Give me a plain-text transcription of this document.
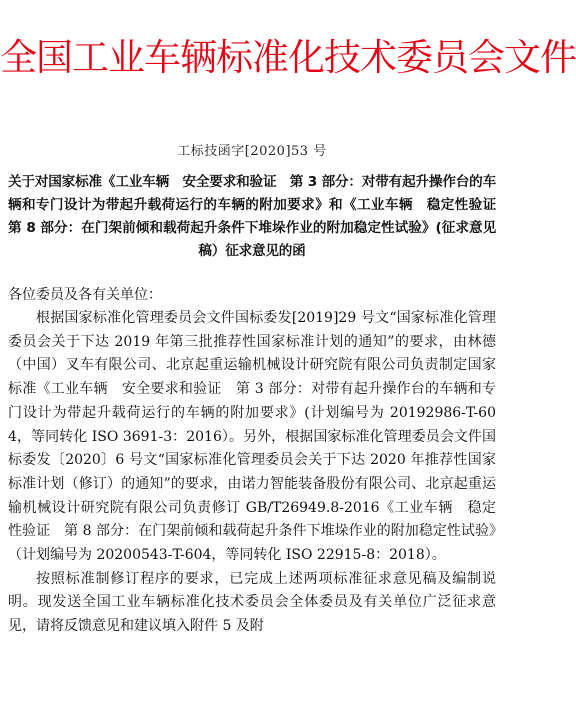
全国工业车辆标准化技术委员会文件
工标技函字[2020]53 号
关于对国家标准《工业车辆　安全要求和验证　第 3 部分：对带有起升操作台的车辆和专门设计为带起升载荷运行的车辆的附加要求》和《工业车辆　稳定性验证　第 8 部分：在门架前倾和载荷起升条件下堆垛作业的附加稳定性试验》(征求意见稿）征求意见的函
各位委员及各有关单位：

根据国家标准化管理委员会文件国标委发[2019]29 号文“国家标准化管理委员会关于下达 2019 年第三批推荐性国家标准计划的通知”的要求，由林德（中国）叉车有限公司、北京起重运输机械设计研究院有限公司负责制定国家标准《工业车辆　安全要求和验证　第 3 部分：对带有起升操作台的车辆和专门设计为带起升载荷运行的车辆的附加要求》(计划编号为 20192986-T-604，等同转化 ISO 3691-3：2016）。另外，根据国家标准化管理委员会文件国标委发〔2020〕6 号文“国家标准化管理委员会关于下达 2020 年推荐性国家标准计划（修订）的通知”的要求，由诺力智能装备股份有限公司、北京起重运输机械设计研究院有限公司负责修订 GB/T26949.8-2016《工业车辆　稳定性验证　第 8 部分：在门架前倾和载荷起升条件下堆垛作业的附加稳定性试验》（计划编号为 20200543-T-604，等同转化 ISO 22915-8：2018）。

按照标准制修订程序的要求，已完成上述两项标准征求意见稿及编制说明。现发送全国工业车辆标准化技术委员会全体委员及有关单位广泛征求意见，请将反馈意见和建议填入附件 5 及附
